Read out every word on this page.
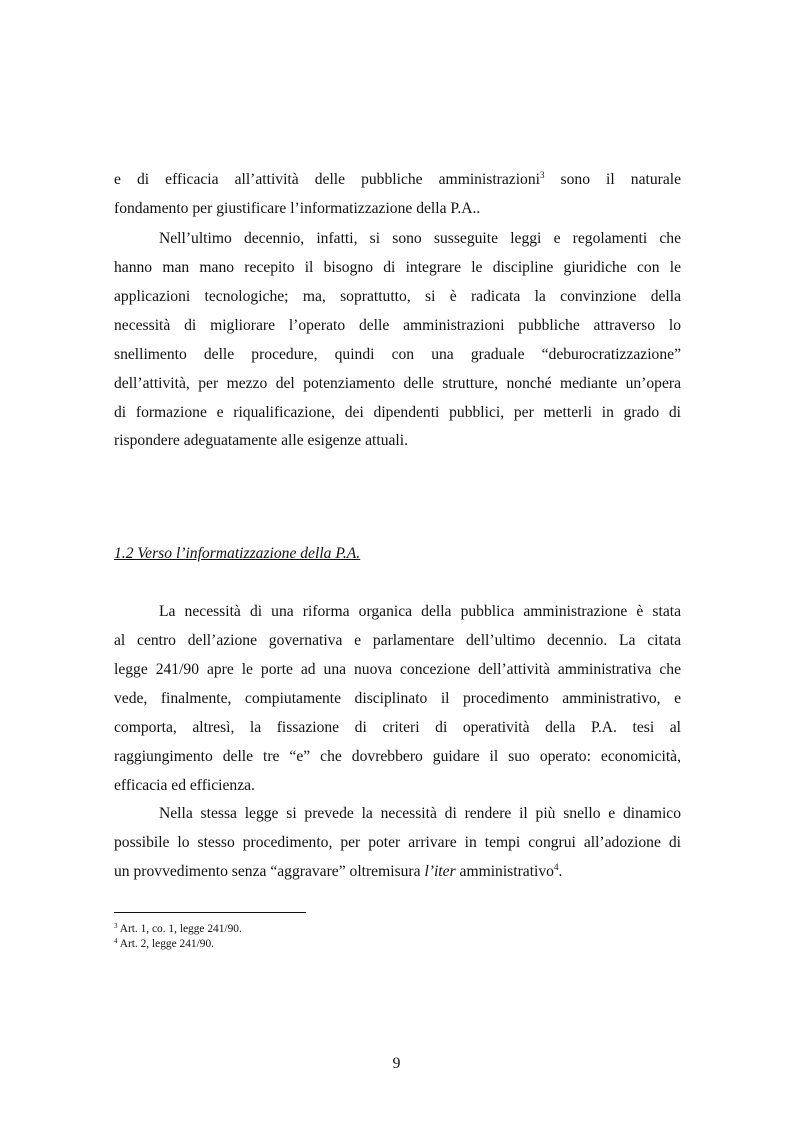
e di efficacia all’attività delle pubbliche amministrazioni$^3$ sono il naturale
fondamento per giustificare l’informatizzazione della P.A..
Nell’ultimo decennio, infatti, si sono susseguite leggi e regolamenti che
hanno man mano recepito il bisogno di integrare le discipline giuridiche con le
applicazioni tecnologiche; ma, soprattutto, si è radicata la convinzione della
necessità di migliorare l’operato delle amministrazioni pubbliche attraverso lo
snellimento delle procedure, quindi con una graduale “deburocratizzazione”
dell’attività, per mezzo del potenziamento delle strutture, nonché mediante un’opera
di formazione e riqualificazione, dei dipendenti pubblici, per metterli in grado di
rispondere adeguatamente alle esigenze attuali.
1.2 Verso l’informatizzazione della P.A.
La necessità di una riforma organica della pubblica amministrazione è stata
al centro dell’azione governativa e parlamentare dell’ultimo decennio. La citata
legge 241/90 apre le porte ad una nuova concezione dell’attività amministrativa che
vede, finalmente, compiutamente disciplinato il procedimento amministrativo, e
comporta, altresì, la fissazione di criteri di operatività della P.A. tesi al
raggiungimento delle tre “e” che dovrebbero guidare il suo operato: economicità,
efficacia ed efficienza.
Nella stessa legge si prevede la necessità di rendere il più snello e dinamico
possibile lo stesso procedimento, per poter arrivare in tempi congrui all’adozione di
un provvedimento senza “aggravare” oltremisura l’iter amministrativo$^4$.
$^3$ Art. 1, co. 1, legge 241/90.
$^4$ Art. 2, legge 241/90.
9
